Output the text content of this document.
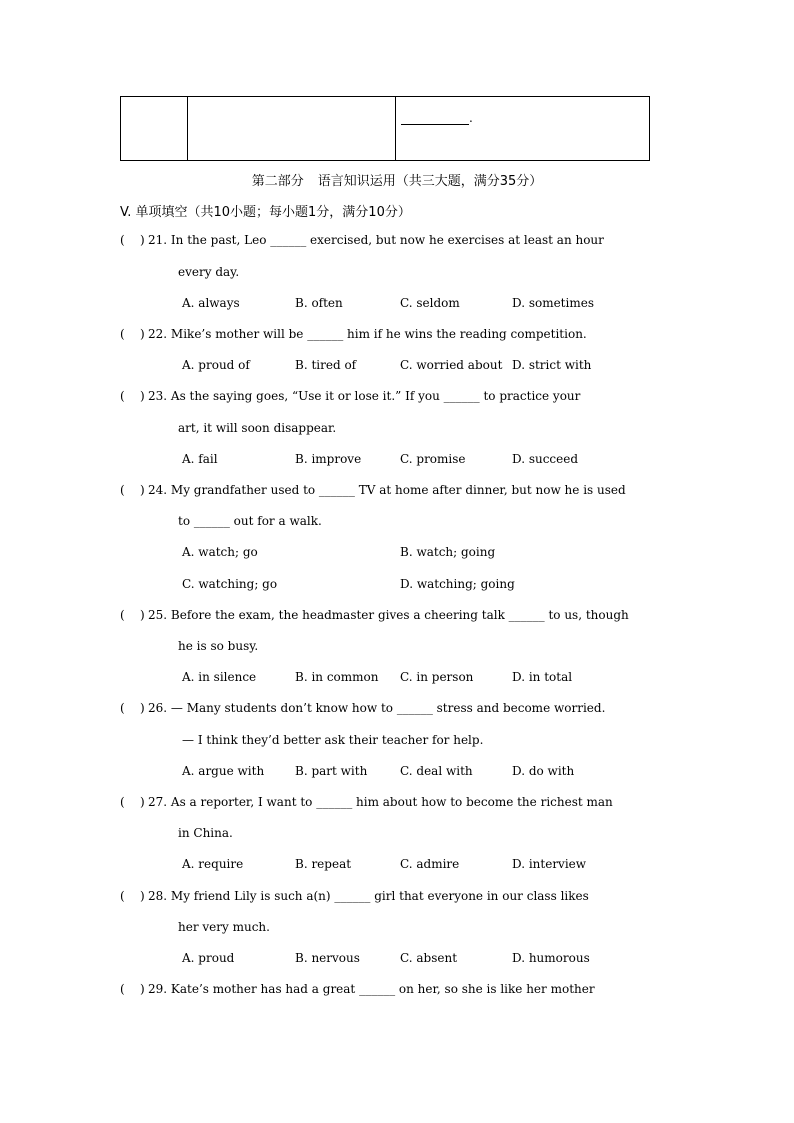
.
第二部分 语言知识运用（共三大题，满分35分）
V. 单项填空（共10小题；每小题1分，满分10分）
(    ) 21. In the past, Leo ______ exercised, but now he exercises at least an hour
every day.
A. always	B. often	C. seldom	D. sometimes
(    ) 22. Mike’s mother will be ______ him if he wins the reading competition.
A. proud of	B. tired of	C. worried about D. strict with
(    ) 23. As the saying goes, “Use it or lose it.” If you ______ to practice your
art, it will soon disappear.
A. fail	B. improve	C. promise	D. succeed
(    ) 24. My grandfather used to ______ TV at home after dinner, but now he is used
to ______ out for a walk.
A. watch; go	B. watch; going
C. watching; go	D. watching; going
(    ) 25. Before the exam, the headmaster gives a cheering talk ______ to us, though
he is so busy.
A. in silence	B. in common C. in person	D. in total
(    ) 26. — Many students don’t know how to ______ stress and become worried.
— I think they’d better ask their teacher for help.
A. argue with	B. part with	C. deal with	D. do with
(    ) 27. As a reporter, I want to ______ him about how to become the richest man
in China.
A. require	B. repeat	C. admire	D. interview
(    ) 28. My friend Lily is such a(n) ______ girl that everyone in our class likes
her very much.
A. proud	B. nervous	C. absent	D. humorous
(    ) 29. Kate’s mother has had a great ______ on her, so she is like her mother
